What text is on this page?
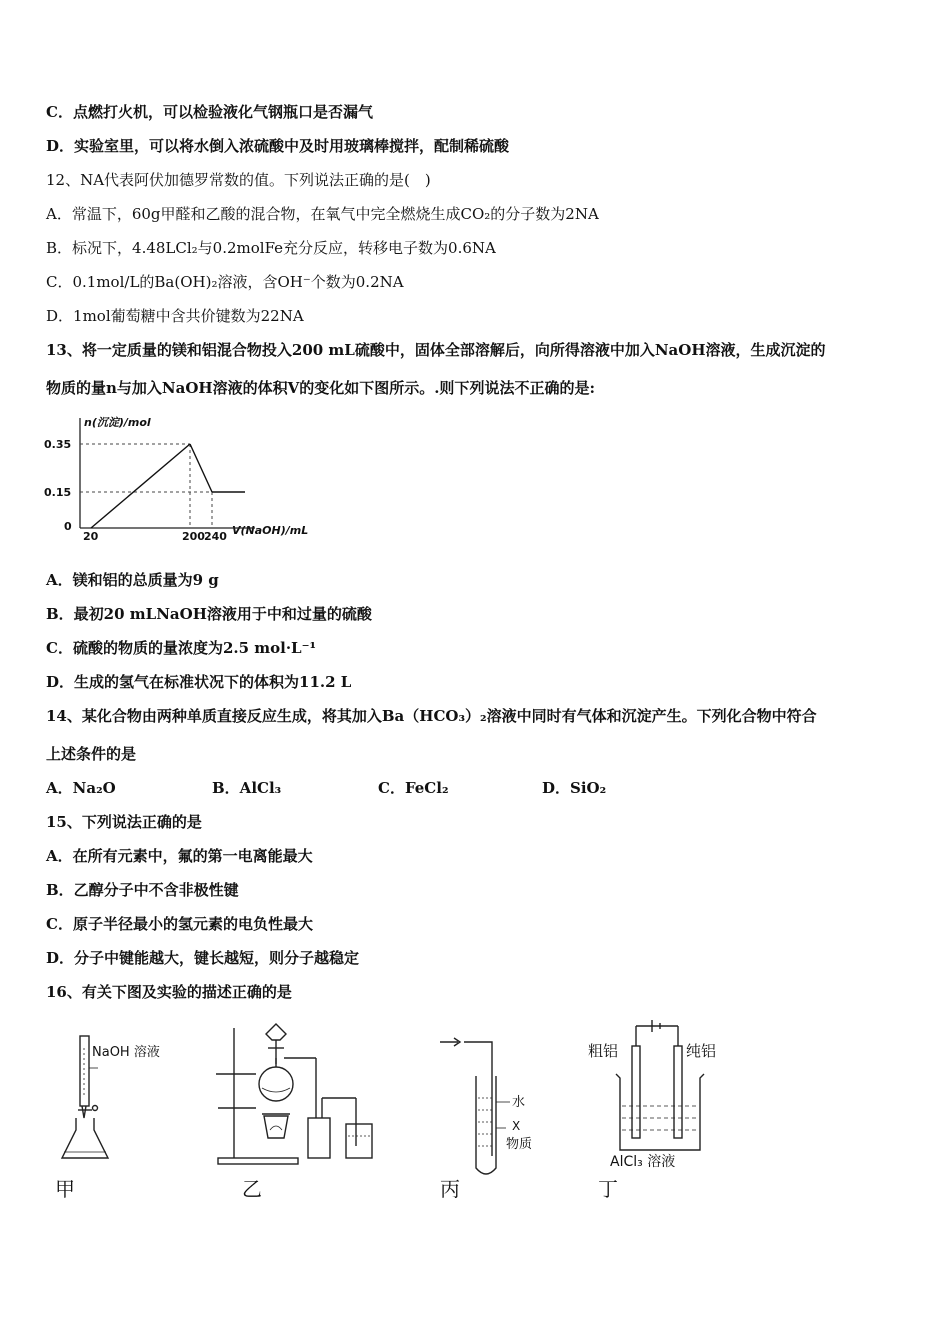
C．点燃打火机，可以检验液化气钢瓶口是否漏气
D．实验室里，可以将水倒入浓硫酸中及时用玻璃棒搅拌，配制稀硫酸
12、NA代表阿伏加德罗常数的值。下列说法正确的是(　)
A．常温下，60g甲醛和乙酸的混合物，在氧气中完全燃烧生成CO₂的分子数为2NA
B．标况下，4.48LCl₂与0.2molFe充分反应，转移电子数为0.6NA
C．0.1mol/L的Ba(OH)₂溶液，含OH⁻个数为0.2NA
D．1mol葡萄糖中含共价键数为22NA
13、将一定质量的镁和铝混合物投入200 mL硫酸中，固体全部溶解后，向所得溶液中加入NaOH溶液，生成沉淀的
物质的量n与加入NaOH溶液的体积V的变化如下图所示。.则下列说法不正确的是:
n(沉淀)/mol
V(NaOH)/mL
0
20	200 240
0.35
0.15
A．镁和铝的总质量为9 g
B．最初20 mLNaOH溶液用于中和过量的硫酸
C．硫酸的物质的量浓度为2.5 mol·L⁻¹
D．生成的氢气在标准状况下的体积为11.2 L
14、某化合物由两种单质直接反应生成，将其加入Ba（HCO₃）₂溶液中同时有气体和沉淀产生。下列化合物中符合
上述条件的是
A．Na₂O	B．AlCl₃	C．FeCl₂	D．SiO₂
15、下列说法正确的是
A．在所有元素中，氟的第一电离能最大
B．乙醇分子中不含非极性键
C．原子半径最小的氢元素的电负性最大
D．分子中键能越大，键长越短，则分子越稳定
16、有关下图及实验的描述正确的是
NaOH 溶液
水
X
物质
粗铝	纯铝
AlCl₃ 溶液
甲	乙	丙	丁
